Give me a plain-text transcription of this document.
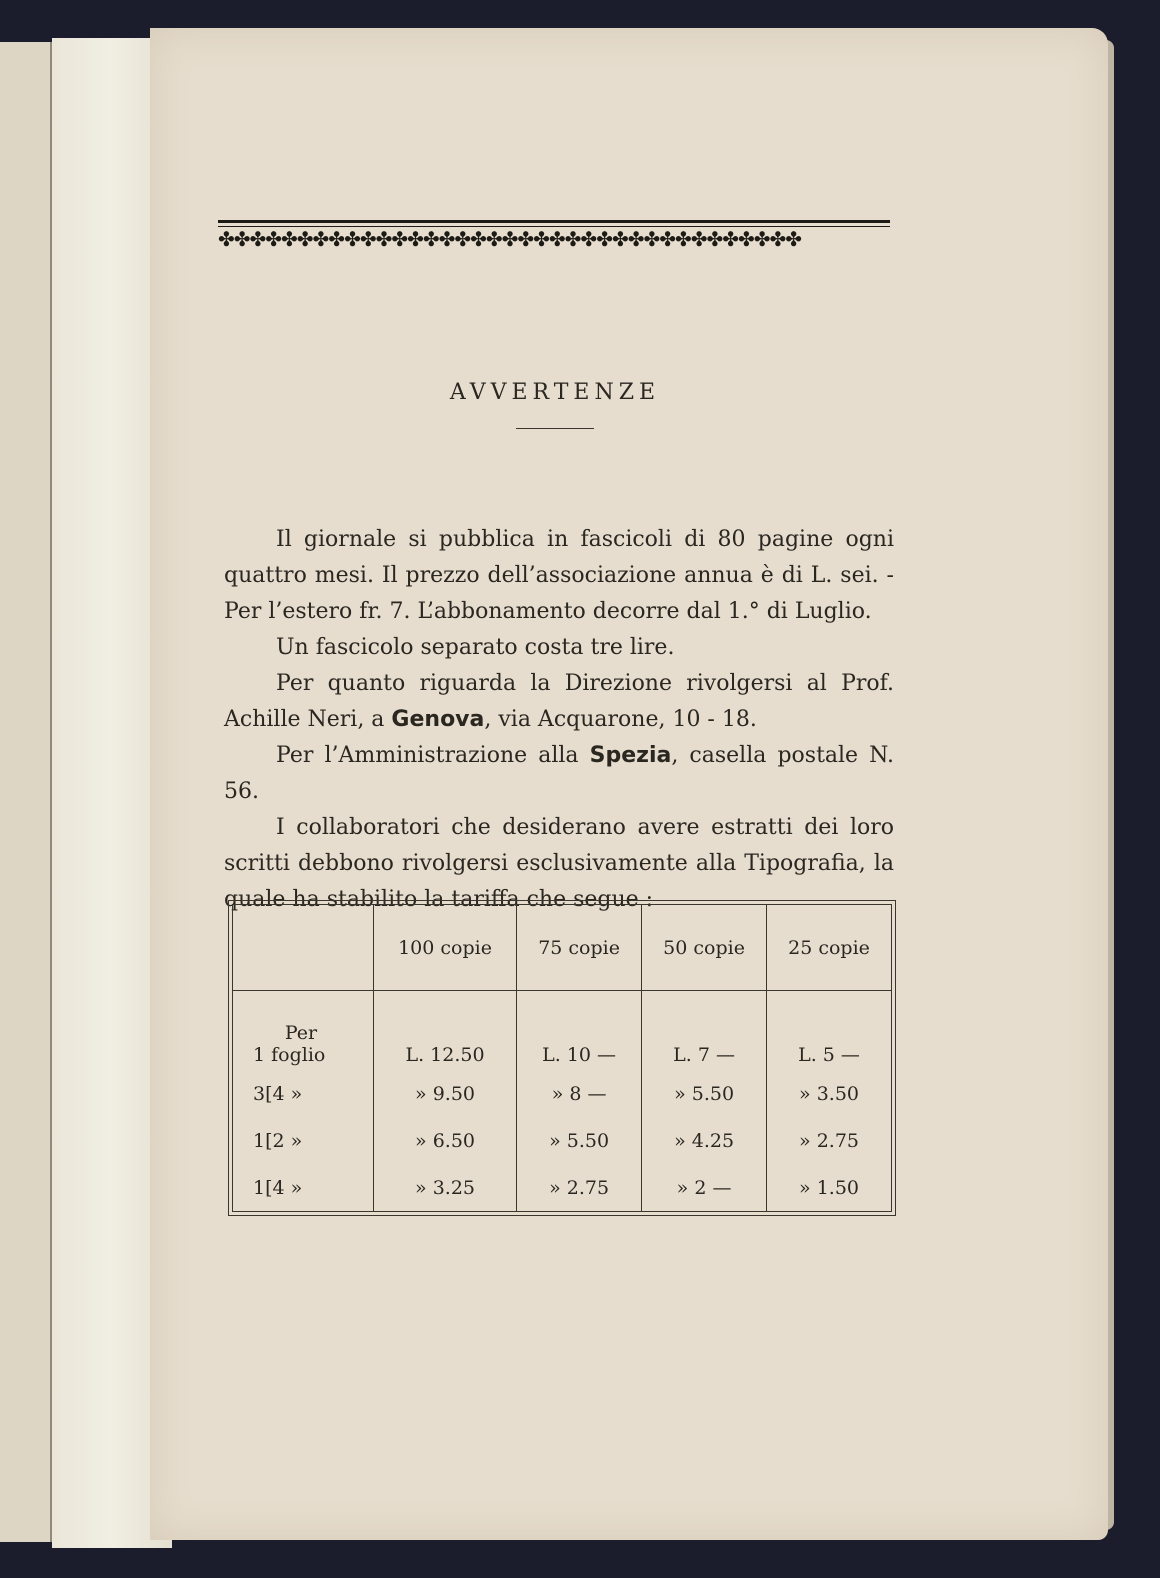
✤✤✤✤✤✤✤✤✤✤✤✤✤✤✤✤✤✤✤✤✤✤✤✤✤✤✤✤✤✤✤✤✤✤✤✤✤
AVVERTENZE

Il giornale si pubblica in fascicoli di 80 pagine ogni quattro mesi. Il prezzo dell’associazione annua è di L. sei. - Per l’estero fr. 7. L’abbonamento decorre dal 1.° di Luglio.

Un fascicolo separato costa tre lire.

Per quanto riguarda la Direzione rivolgersi al Prof. Achille Neri, a Genova, via Acquarone, 10 - 18.

Per l’Amministrazione alla Spezia, casella postale N. 56.

I collaboratori che desiderano avere estratti dei loro scritti debbono rivolgersi esclusivamente alla Tipografia, la quale ha stabilito la tariffa che segue :

	100 copie	75 copie	50 copie	25 copie

Per
1 foglio	L. 12.50	L. 10 —	L. 7 —	L. 5 —
3[4 »	» 9.50	» 8 —	» 5.50	» 3.50
1[2 »	» 6.50	» 5.50	» 4.25	» 2.75
1[4 »	» 3.25	» 2.75	» 2 —	» 1.50
